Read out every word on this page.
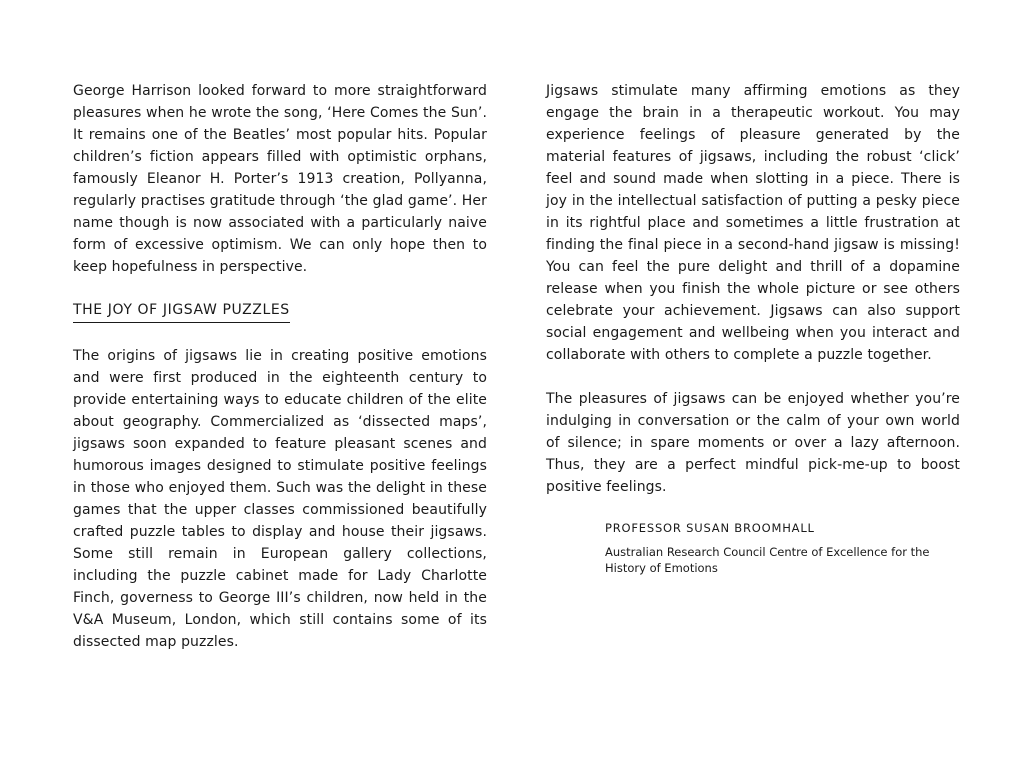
George Harrison looked forward to more straightforward pleasures when he wrote the song, ‘Here Comes the Sun’. It remains one of the Beatles’ most popular hits. Popular children’s fiction appears filled with optimistic orphans, famously Eleanor H. Porter’s 1913 creation, Pollyanna, regularly practises gratitude through ‘the glad game’. Her name though is now associated with a particularly naive form of excessive optimism. We can only hope then to keep hopefulness in perspective.

THE JOY OF JIGSAW PUZZLES

The origins of jigsaws lie in creating positive emotions and were first produced in the eighteenth century to provide entertaining ways to educate children of the elite about geography. Commercialized as ‘dissected maps’, jigsaws soon expanded to feature pleasant scenes and humorous images designed to stimulate positive feelings in those who enjoyed them. Such was the delight in these games that the upper classes commissioned beautifully crafted puzzle tables to display and house their jigsaws. Some still remain in European gallery collections, including the puzzle cabinet made for Lady Charlotte Finch, governess to George III’s children, now held in the V&A Museum, London, which still contains some of its dissected map puzzles.

Jigsaws stimulate many affirming emotions as they engage the brain in a therapeutic workout. You may experience feelings of pleasure generated by the material features of jigsaws, including the robust ‘click’ feel and sound made when slotting in a piece. There is joy in the intellectual satisfaction of putting a pesky piece in its rightful place and sometimes a little frustration at finding the final piece in a second-hand jigsaw is missing! You can feel the pure delight and thrill of a dopamine release when you finish the whole picture or see others celebrate your achievement. Jigsaws can also support social engagement and wellbeing when you interact and collaborate with others to complete a puzzle together.

The pleasures of jigsaws can be enjoyed whether you’re indulging in conversation or the calm of your own world of silence; in spare moments or over a lazy afternoon. Thus, they are a perfect mindful pick-me-up to boost positive feelings.

PROFESSOR SUSAN BROOMHALL

Australian Research Council Centre of Excellence for the History of Emotions
